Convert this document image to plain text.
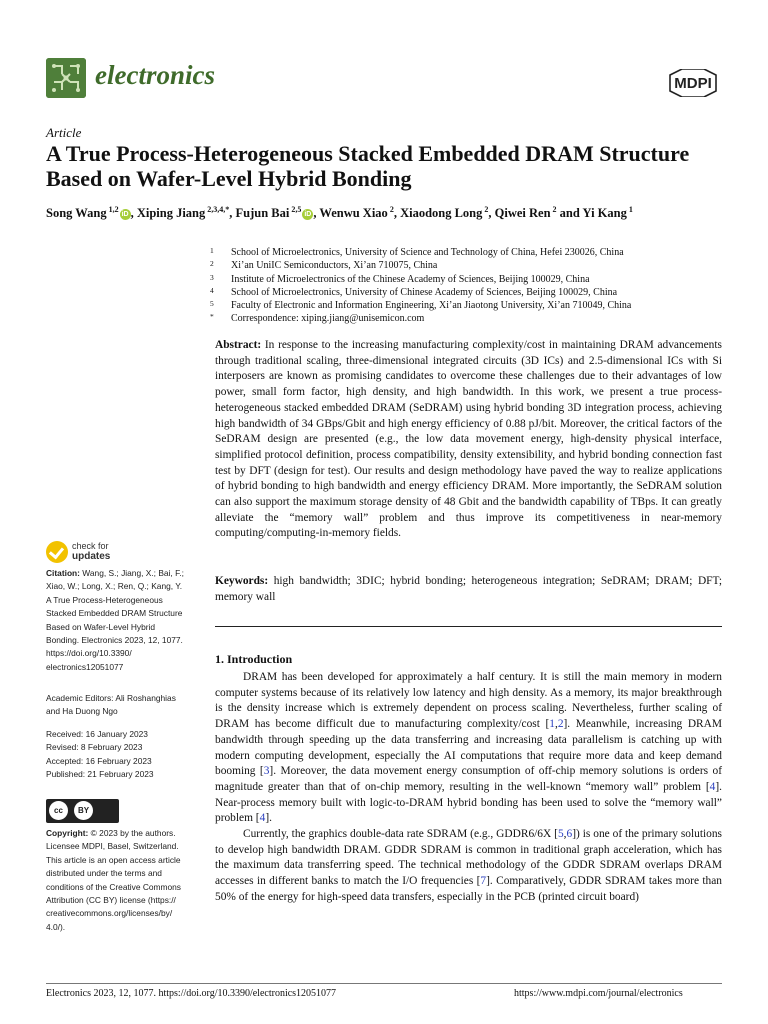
electronics	MDPI
Article
A True Process-Heterogeneous Stacked Embedded DRAM Structure Based on Wafer-Level Hybrid Bonding
Song Wang $^{1,2}$iD , Xiping Jiang $^{2,3,4,*}$, Fujun Bai $^{2,5}$iD , Wenwu Xiao $^2$, Xiaodong Long $^2$, Qiwei Ren $^2$ and Yi Kang $^1$
1 School of Microelectronics, University of Science and Technology of China, Hefei 230026, China
2 Xi’an UniIC Semiconductors, Xi’an 710075, China
3 Institute of Microelectronics of the Chinese Academy of Sciences, Beijing 100029, China
4 School of Microelectronics, University of Chinese Academy of Sciences, Beijing 100029, China
5 Faculty of Electronic and Information Engineering, Xi’an Jiaotong University, Xi’an 710049, China
* Correspondence: xiping.jiang@unisemicon.com
Abstract: In response to the increasing manufacturing complexity/cost in maintaining DRAM advancements through traditional scaling, three-dimensional integrated circuits (3D ICs) and 2.5-dimensional ICs with Si interposers are known as promising candidates to overcome these challenges due to their advantages of low power, small form factor, high density, and high bandwidth. In this work, we present a true process-heterogeneous stacked embedded DRAM (SeDRAM) using hybrid bonding 3D integration process, achieving high bandwidth of 34 GBps/Gbit and high energy efficiency of 0.88 pJ/bit. Moreover, the critical factors of the SeDRAM design are presented (e.g., the low data movement energy, high-density physical interface, simplified protocol definition, process compatibility, density extensibility, and hybrid bonding connection fast test by DFT (design for test). Our results and design methodology have paved the way to realize applications of hybrid bonding to high bandwidth and energy efficiency DRAM. More importantly, the SeDRAM solution can also support the maximum storage density of 48 Gbit and the bandwidth capability of TBps. It can greatly alleviate the “memory wall” problem and thus improve its competitiveness in near-memory computing/computing-in-memory fields.
Keywords: high bandwidth; 3DIC; hybrid bonding; heterogeneous integration; SeDRAM; DRAM; DFT; memory wall
1. Introduction

DRAM has been developed for approximately a half century. It is still the main memory in modern computer systems because of its relatively low latency and high density. As a memory, its major breakthrough is the density increase which is extremely dependent on process scaling. Nevertheless, further scaling of DRAM has become difficult due to manufacturing complexity/cost [1,2]. Meanwhile, increasing DRAM bandwidth through speeding up the data transferring and increasing data parallelism is catching up with modern computing development, especially the AI computations that require more data and keep demand booming [3]. Moreover, the data movement energy consumption of off-chip memory solutions is orders of magnitude greater than that of on-chip memory, resulting in the well-known “memory wall” problem [4]. Near-process memory built with logic-to-DRAM hybrid bonding has been used to solve the “memory wall” problem [4].

Currently, the graphics double-data rate SDRAM (e.g., GDDR6/6X [5,6]) is one of the primary solutions to develop high bandwidth DRAM. GDDR SDRAM is common in traditional graph acceleration, which has the maximum data transferring speed. The technical methodology of the GDDR SDRAM overlaps DRAM accesses in different banks to match the I/O frequencies [7]. Comparatively, GDDR SDRAM takes more than 50% of the energy for high-speed data transfers, especially in the PCB (printed circuit board)

check for
updates
Citation: Wang, S.; Jiang, X.; Bai, F.;
Xiao, W.; Long, X.; Ren, Q.; Kang, Y.
A True Process-Heterogeneous
Stacked Embedded DRAM Structure
Based on Wafer-Level Hybrid
Bonding. Electronics 2023, 12, 1077.
https://doi.org/10.3390/
electronics12051077

Academic Editors: Ali Roshanghias
and Ha Duong Ngo

Received: 16 January 2023
Revised: 8 February 2023
Accepted: 16 February 2023
Published: 21 February 2023

cc	BY
Copyright: © 2023 by the authors.
Licensee MDPI, Basel, Switzerland.
This article is an open access article
distributed under the terms and
conditions of the Creative Commons
Attribution (CC BY) license (https://
creativecommons.org/licenses/by/
4.0/).

Electronics 2023, 12, 1077. https://doi.org/10.3390/electronics12051077	https://www.mdpi.com/journal/electronics
